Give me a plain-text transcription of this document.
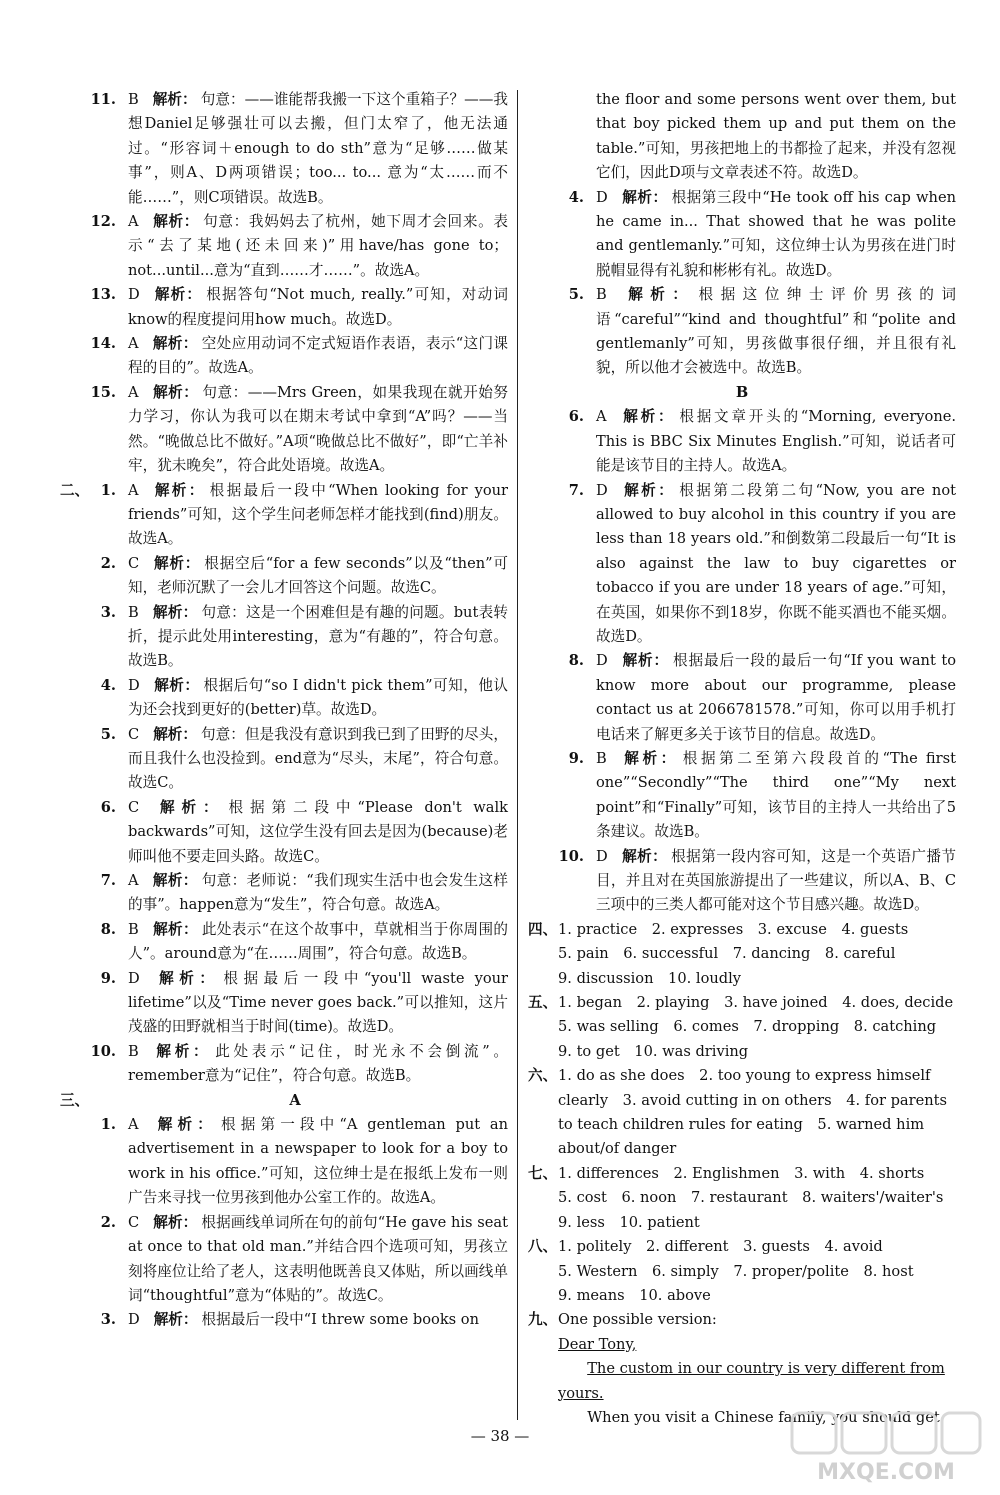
11. B 解析： 句意：——谁能帮我搬一下这个重箱子？——我想Daniel足够强壮可以去搬，但门太窄了，他无法通过。“形容词＋enough to do sth”意为“足够……做某事”，则A、D两项错误；too... to... 意为“太……而不能……”，则C项错误。故选B。
12. A 解析： 句意：我妈妈去了杭州，她下周才会回来。表示“去了某地(还未回来)”用have/has gone to；not...until...意为“直到……才……”。故选A。
13. D 解析： 根据答句“Not much, really.”可知，对动词know的程度提问用how much。故选D。
14. A 解析： 空处应用动词不定式短语作表语，表示“这门课程的目的”。故选A。
15. A 解析： 句意：——Mrs Green，如果我现在就开始努力学习，你认为我可以在期末考试中拿到“A”吗？——当然。“晚做总比不做好。”A项“晚做总比不做好”，即“亡羊补牢，犹未晚矣”，符合此处语境。故选A。
二、 1. A 解析： 根据最后一段中“When looking for your friends”可知，这个学生问老师怎样才能找到(find)朋友。故选A。
2. C 解析： 根据空后“for a few seconds”以及“then”可知，老师沉默了一会儿才回答这个问题。故选C。
3. B 解析： 句意：这是一个困难但是有趣的问题。but表转折，提示此处用interesting，意为“有趣的”，符合句意。故选B。
4. D 解析： 根据后句“so I didn't pick them”可知，他认为还会找到更好的(better)草。故选D。
5. C 解析： 句意：但是我没有意识到我已到了田野的尽头，而且我什么也没捡到。end意为“尽头，末尾”，符合句意。故选C。
6. C 解析： 根据第二段中“Please don't walk backwards”可知，这位学生没有回去是因为(because)老师叫他不要走回头路。故选C。
7. A 解析： 句意：老师说：“我们现实生活中也会发生这样的事”。happen意为“发生”，符合句意。故选A。
8. B 解析： 此处表示“在这个故事中，草就相当于你周围的人”。around意为“在……周围”，符合句意。故选B。
9. D 解析： 根据最后一段中“you'll waste your lifetime”以及“Time never goes back.”可以推知，这片茂盛的田野就相当于时间(time)。故选D。
10. B 解析： 此处表示“记住，时光永不会倒流”。remember意为“记住”，符合句意。故选B。
三、	A
1. A 解析： 根据第一段中“A gentleman put an advertisement in a newspaper to look for a boy to work in his office.”可知，这位绅士是在报纸上发布一则广告来寻找一位男孩到他办公室工作的。故选A。
2. C 解析： 根据画线单词所在句的前句“He gave his seat at once to that old man.”并结合四个选项可知，男孩立刻将座位让给了老人，这表明他既善良又体贴，所以画线单词“thoughtful”意为“体贴的”。故选C。
3. D 解析： 根据最后一段中“I threw some books on
the floor and some persons went over them, but that boy picked them up and put them on the table.”可知，男孩把地上的书都捡了起来，并没有忽视它们，因此D项与文章表述不符。故选D。
4. D 解析： 根据第三段中“He took off his cap when he came in... That showed that he was polite and gentlemanly.”可知，这位绅士认为男孩在进门时脱帽显得有礼貌和彬彬有礼。故选D。
5. B 解析： 根据这位绅士评价男孩的词语“careful”“kind and thoughtful”和“polite and gentlemanly”可知，男孩做事很仔细，并且很有礼貌，所以他才会被选中。故选B。
B
6. A 解析： 根据文章开头的“Morning, everyone. This is BBC Six Minutes English.”可知，说话者可能是该节目的主持人。故选A。
7. D 解析： 根据第二段第二句“Now, you are not allowed to buy alcohol in this country if you are less than 18 years old.”和倒数第二段最后一句“It is also against the law to buy cigarettes or tobacco if you are under 18 years of age.”可知，在英国，如果你不到18岁，你既不能买酒也不能买烟。故选D。
8. D 解析： 根据最后一段的最后一句“If you want to know more about our programme, please contact us at 2066781578.”可知，你可以用手机打电话来了解更多关于该节目的信息。故选D。
9. B 解析： 根据第二至第六段段首的“The first one”“Secondly”“The third one”“My next point”和“Finally”可知，该节目的主持人一共给出了5条建议。故选B。
10. D 解析： 根据第一段内容可知，这是一个英语广播节目，并且对在英国旅游提出了一些建议，所以A、B、C三项中的三类人都可能对这个节目感兴趣。故选D。
四、 1. practice　2. expresses　3. excuse　4. guests
5. pain　6. successful　7. dancing　8. careful
9. discussion　10. loudly
五、 1. began　2. playing　3. have joined　4. does, decide
5. was selling　6. comes　7. dropping　8. catching
9. to get　10. was driving
六、 1. do as she does　2. too young to express himself
clearly　3. avoid cutting in on others　4. for parents
to teach children rules for eating　5. warned him
about/of danger
七、 1. differences　2. Englishmen　3. with　4. shorts
5. cost　6. noon　7. restaurant　8. waiters'/waiter's
9. less　10. patient
八、 1. politely　2. different　3. guests　4. avoid
5. Western　6. simply　7. proper/polite　8. host
9. means　10. above
九、 One possible version:
Dear Tony,
The custom in our country is very different from yours.
When you visit a Chinese family, you should get
— 38 —
MXQE.COM
